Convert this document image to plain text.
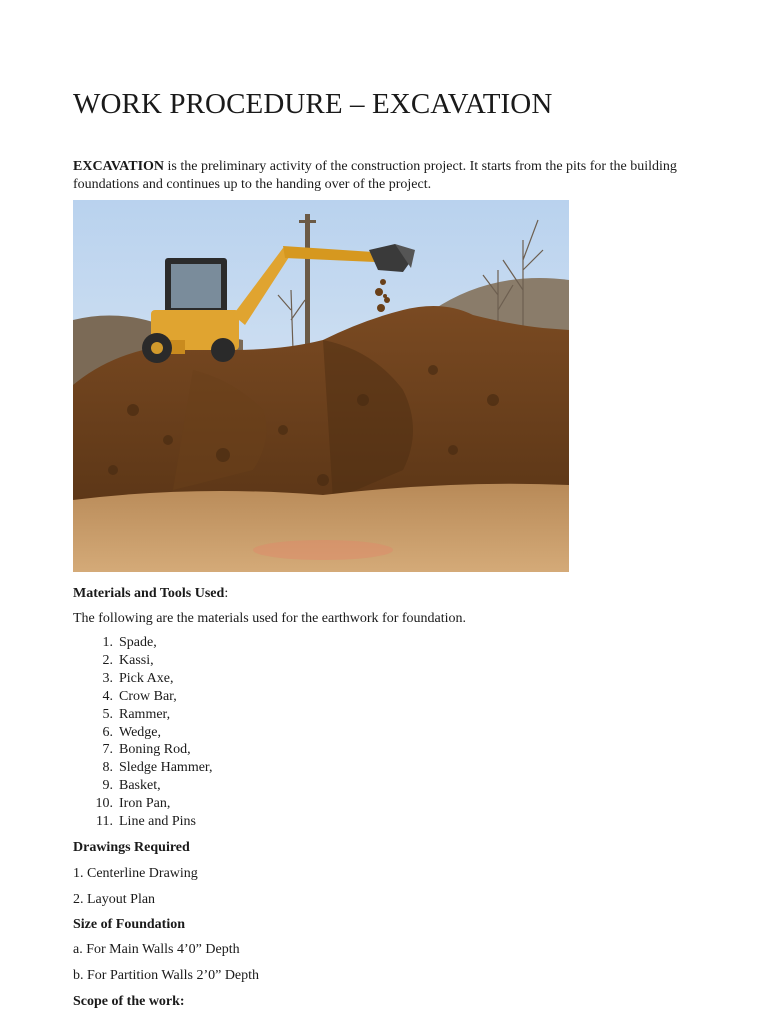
WORK PROCEDURE – EXCAVATION

EXCAVATION is the preliminary activity of the construction project. It starts from the pits for the building foundations and continues up to the handing over of the project.

Materials and Tools Used:

The following are the materials used for the earthwork for foundation.

1. Spade,
2. Kassi,
3. Pick Axe,
4. Crow Bar,
5. Rammer,
6. Wedge,
7. Boning Rod,
8. Sledge Hammer,
9. Basket,
10. Iron Pan,
11. Line and Pins

Drawings Required

1. Centerline Drawing

2. Layout Plan

Size of Foundation

a. For Main Walls 4’0” Depth

b. For Partition Walls 2’0” Depth

Scope of the work:
